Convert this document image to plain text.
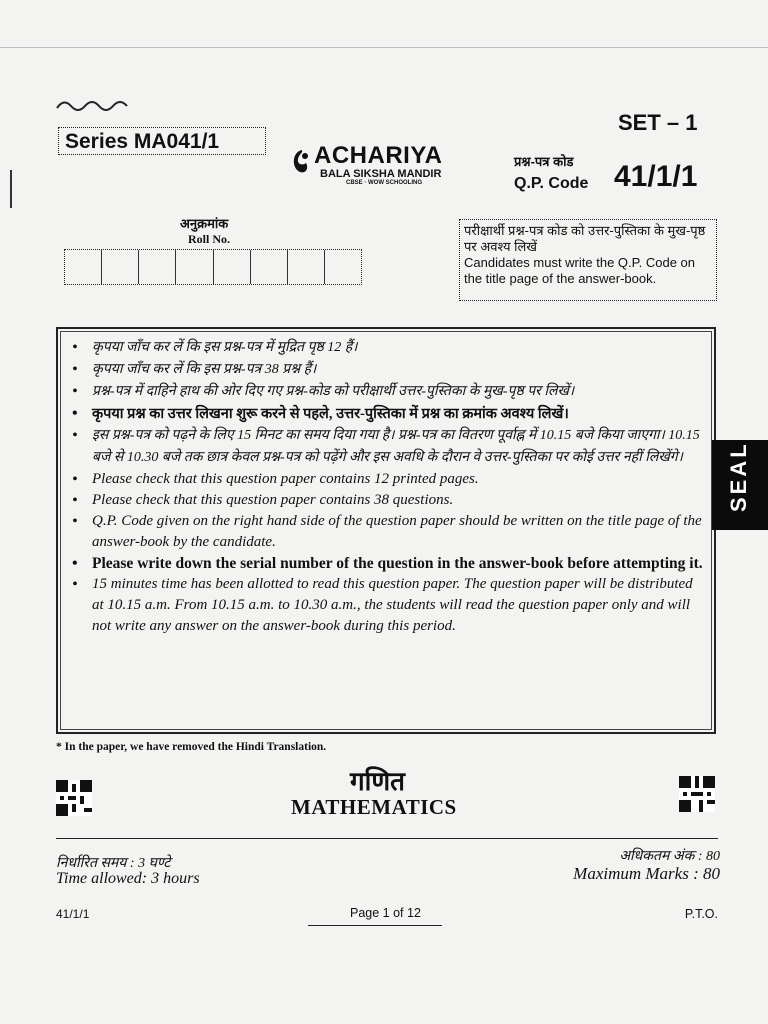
Series MA041/1
ACHARIYA
BALA SIKSHA MANDIR
CBSE · WOW SCHOOLING
SET – 1
प्रश्न-पत्र कोड
Q.P. Code 41/1/1
अनुक्रमांक
Roll No.
परीक्षार्थी प्रश्न-पत्र कोड को उत्तर-पुस्तिका के मुख-पृष्ठ पर अवश्य लिखें
Candidates must write the Q.P. Code on the title page of the answer-book.
• कृपया जाँच कर लें कि इस प्रश्न-पत्र में मुद्रित पृष्ठ 12 हैं।
• कृपया जाँच कर लें कि इस प्रश्न-पत्र 38 प्रश्न हैं।
• प्रश्न-पत्र में दाहिने हाथ की ओर दिए गए प्रश्न-कोड को परीक्षार्थी उत्तर-पुस्तिका के मुख-पृष्ठ पर लिखें।
• कृपया प्रश्न का उत्तर लिखना शुरू करने से पहले, उत्तर-पुस्तिका में प्रश्न का क्रमांक अवश्य लिखें।
• इस प्रश्न-पत्र को पढ़ने के लिए 15 मिनट का समय दिया गया है। प्रश्न-पत्र का वितरण पूर्वाह्न में 10.15 बजे किया जाएगा। 10.15 बजे से 10.30 बजे तक छात्र केवल प्रश्न-पत्र को पढ़ेंगे और इस अवधि के दौरान वे उत्तर-पुस्तिका पर कोई उत्तर नहीं लिखेंगे।
• Please check that this question paper contains 12 printed pages.
• Please check that this question paper contains 38 questions.
• Q.P. Code given on the right hand side of the question paper should be written on the title page of the answer-book by the candidate.
• Please write down the serial number of the question in the answer-book before attempting it.
• 15 minutes time has been allotted to read this question paper. The question paper will be distributed at 10.15 a.m. From 10.15 a.m. to 10.30 a.m., the students will read the question paper only and will not write any answer on the answer-book during this period.
SEAL
* In the paper, we have removed the Hindi Translation.
गणित
MATHEMATICS
निर्धारित समय : 3 घण्टे
Time allowed: 3 hours
अधिकतम अंक : 80
Maximum Marks : 80
41/1/1	Page 1 of 12	P.T.O.
